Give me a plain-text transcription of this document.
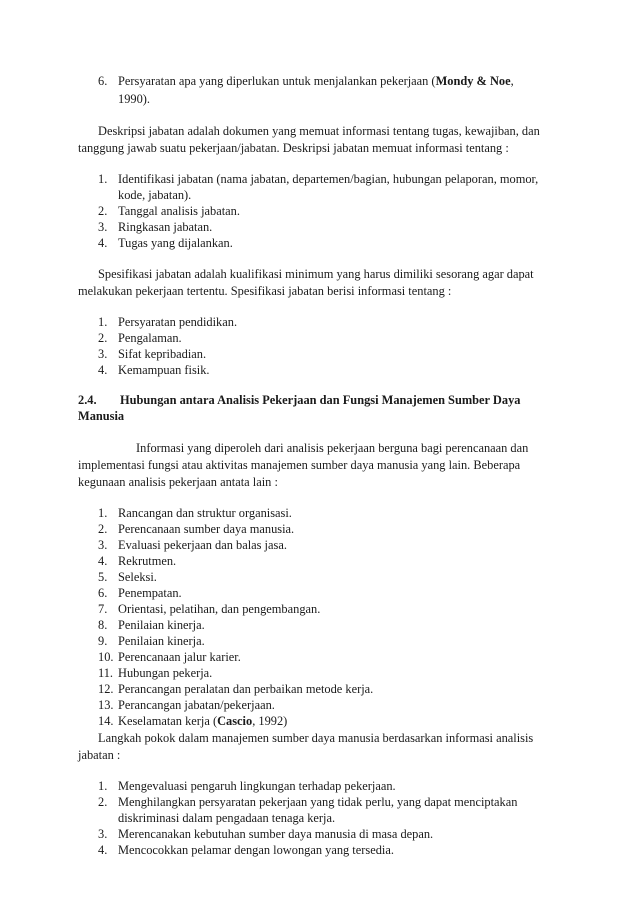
6. Persyaratan apa yang diperlukan untuk menjalankan pekerjaan (Mondy & Noe,
1990).
Deskripsi jabatan adalah dokumen yang memuat informasi tentang tugas, kewajiban, dan
tanggung jawab suatu pekerjaan/jabatan. Deskripsi jabatan memuat informasi tentang :
1. Identifikasi jabatan (nama jabatan, departemen/bagian, hubungan pelaporan, momor,
kode, jabatan).
2. Tanggal analisis jabatan.
3. Ringkasan jabatan.
4. Tugas yang dijalankan.
Spesifikasi jabatan adalah kualifikasi minimum yang harus dimiliki sesorang agar dapat
melakukan pekerjaan tertentu. Spesifikasi jabatan berisi informasi tentang :
1. Persyaratan pendidikan.
2. Pengalaman.
3. Sifat kepribadian.
4. Kemampuan fisik.
2.4. Hubungan antara Analisis Pekerjaan dan Fungsi Manajemen Sumber Daya
Manusia
Informasi yang diperoleh dari analisis pekerjaan berguna bagi perencanaan dan
implementasi fungsi atau aktivitas manajemen sumber daya manusia yang lain. Beberapa
kegunaan analisis pekerjaan antata lain :
1. Rancangan dan struktur organisasi.
2. Perencanaan sumber daya manusia.
3. Evaluasi pekerjaan dan balas jasa.
4. Rekrutmen.
5. Seleksi.
6. Penempatan.
7. Orientasi, pelatihan, dan pengembangan.
8. Penilaian kinerja.
9. Penilaian kinerja.
10. Perencanaan jalur karier.
11. Hubungan pekerja.
12. Perancangan peralatan dan perbaikan metode kerja.
13. Perancangan jabatan/pekerjaan.
14. Keselamatan kerja (Cascio, 1992)
Langkah pokok dalam manajemen sumber daya manusia berdasarkan informasi analisis
jabatan :
1. Mengevaluasi pengaruh lingkungan terhadap pekerjaan.
2. Menghilangkan persyaratan pekerjaan yang tidak perlu, yang dapat menciptakan
diskriminasi dalam pengadaan tenaga kerja.
3. Merencanakan kebutuhan sumber daya manusia di masa depan.
4. Mencocokkan pelamar dengan lowongan yang tersedia.
